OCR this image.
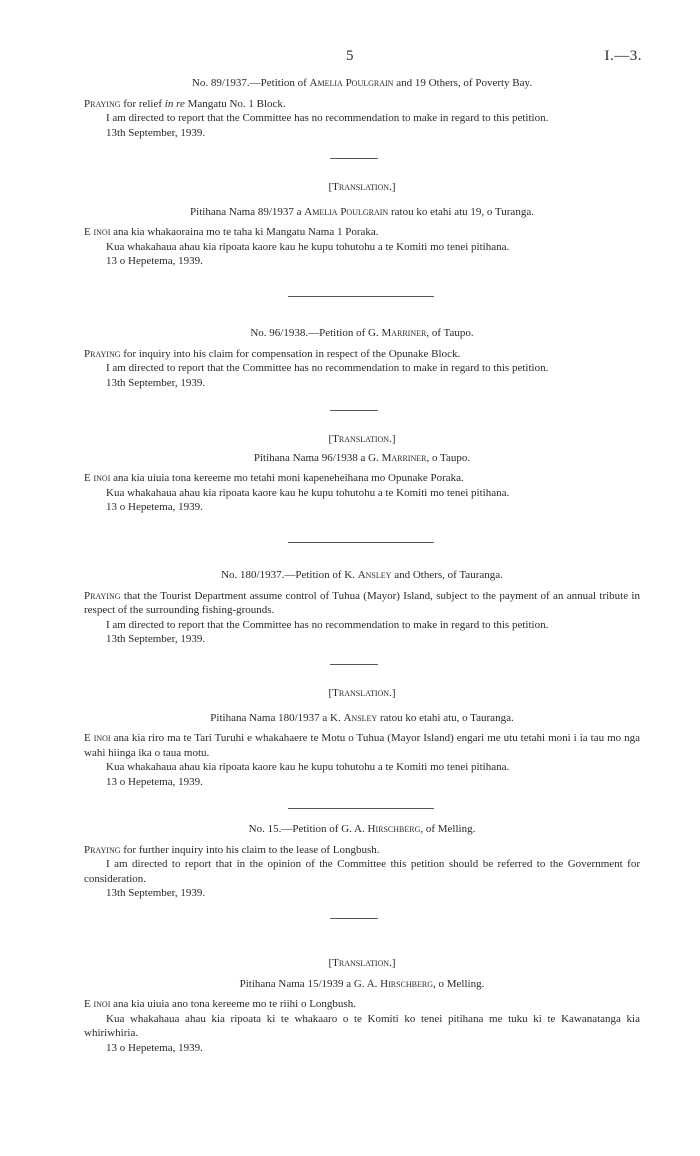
5	I.—3.

No. 89/1937.—Petition of Amelia Poulgrain and 19 Others, of Poverty Bay.

Praying for relief in re Mangatu No. 1 Block.

I am directed to report that the Committee has no recommendation to make in regard to this petition.

13th September, 1939.

[Translation.]

Pitihana Nama 89/1937 a Amelia Poulgrain ratou ko etahi atu 19, o Turanga.

E inoi ana kia whakaoraina mo te taha ki Mangatu Nama 1 Poraka.

Kua whakahaua ahau kia ripoata kaore kau he kupu tohutohu a te Komiti mo tenei pitihana.

13 o Hepetema, 1939.

No. 96/1938.—Petition of G. Marriner, of Taupo.

Praying for inquiry into his claim for compensation in respect of the Opunake Block.

I am directed to report that the Committee has no recommendation to make in regard to this petition.

13th September, 1939.

[Translation.]

Pitihana Nama 96/1938 a G. Marriner, o Taupo.

E inoi ana kia uiuia tona kereeme mo tetahi moni kapeneheihana mo Opunake Poraka.

Kua whakahaua ahau kia ripoata kaore kau he kupu tohutohu a te Komiti mo tenei pitihana.

13 o Hepetema, 1939.

No. 180/1937.—Petition of K. Ansley and Others, of Tauranga.

Praying that the Tourist Department assume control of Tuhua (Mayor) Island, subject to the payment of an annual tribute in respect of the surrounding fishing-grounds.

I am directed to report that the Committee has no recommendation to make in regard to this petition.

13th September, 1939.

[Translation.]

Pitihana Nama 180/1937 a K. Ansley ratou ko etahi atu, o Tauranga.

E inoi ana kia riro ma te Tari Turuhi e whakahaere te Motu o Tuhua (Mayor Island) engari me utu tetahi moni i ia tau mo nga wahi hiinga ika o taua motu.

Kua whakahaua ahau kia ripoata kaore kau he kupu tohutohu a te Komiti mo tenei pitihana.

13 o Hepetema, 1939.

No. 15.—Petition of G. A. Hirschberg, of Melling.

Praying for further inquiry into his claim to the lease of Longbush.

I am directed to report that in the opinion of the Committee this petition should be referred to the Government for consideration.

13th September, 1939.

[Translation.]

Pitihana Nama 15/1939 a G. A. Hirschberg, o Melling.

E inoi ana kia uiuia ano tona kereeme mo te riihi o Longbush.

Kua whakahaua ahau kia ripoata ki te whakaaro o te Komiti ko tenei pitihana me tuku ki te Kawanatanga kia whiriwhiria.

13 o Hepetema, 1939.
